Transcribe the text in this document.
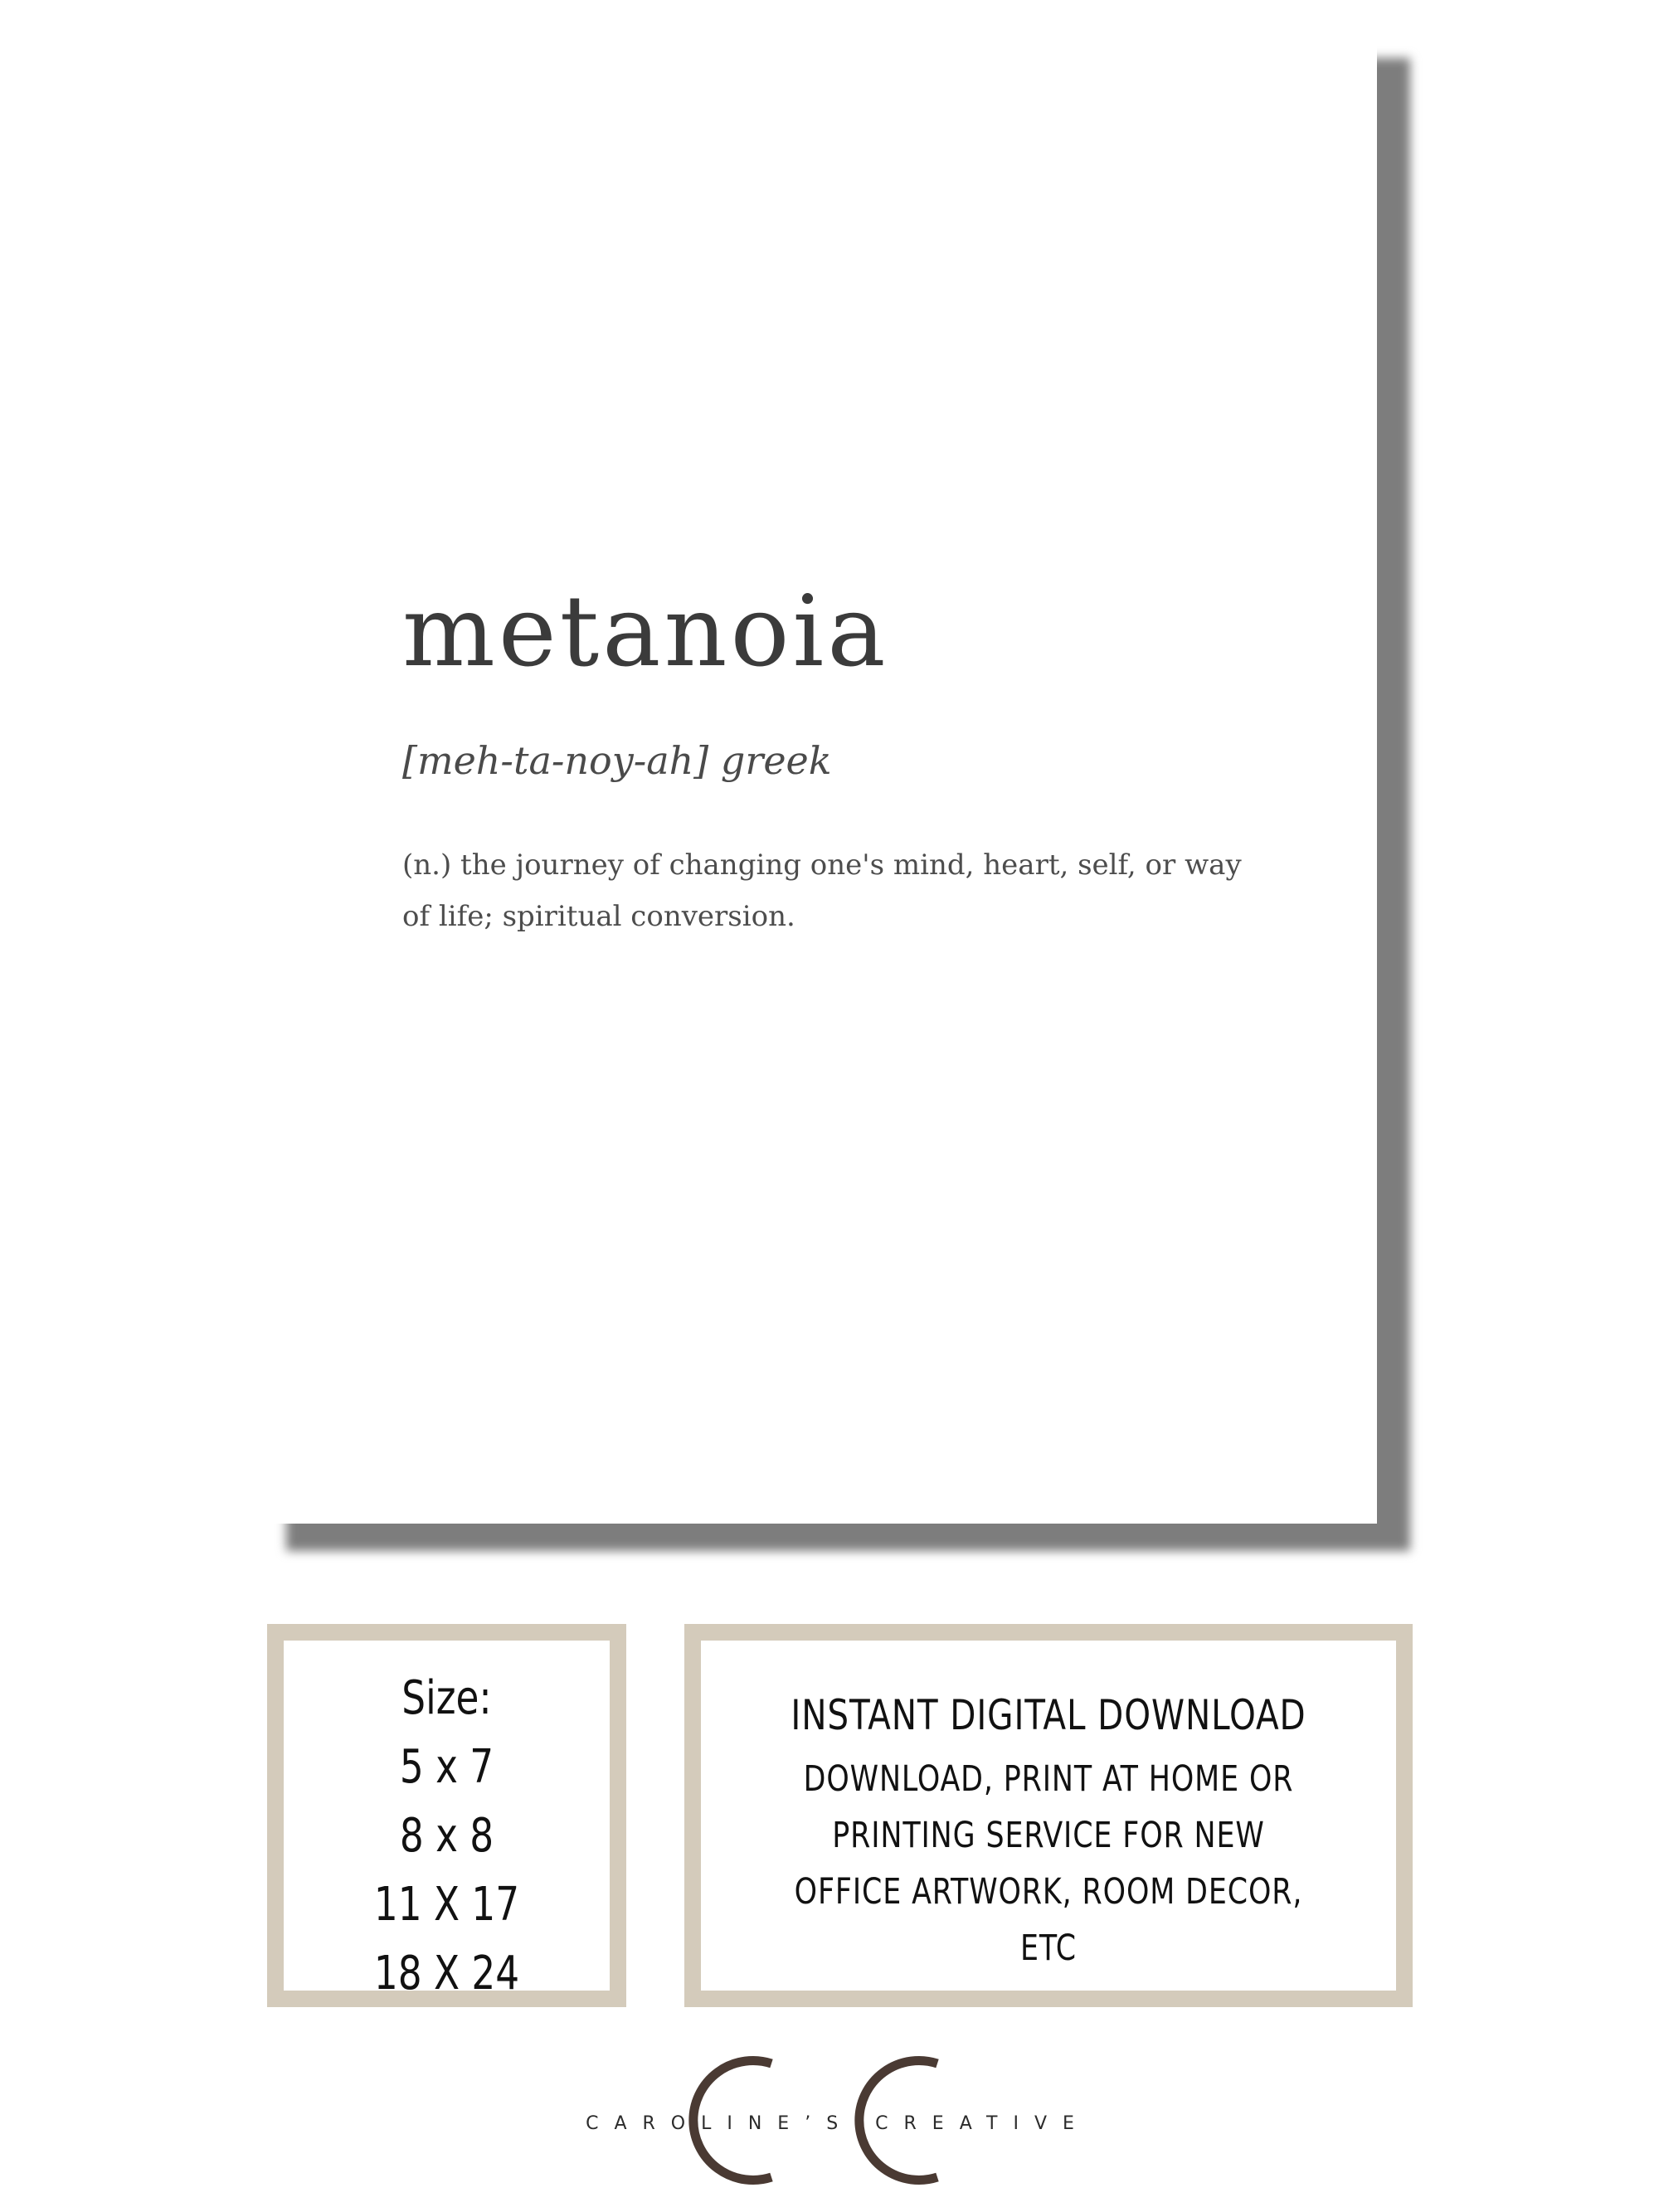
metanoia
[meh-ta-noy-ah] greek
(n.) the journey of changing one's mind, heart, self, or way of life; spiritual conversion.
Size:
5 x 7
8 x 8
11 X 17
18 X 24
INSTANT DIGITAL DOWNLOAD
DOWNLOAD, PRINT AT HOME OR PRINTING SERVICE FOR NEW OFFICE ARTWORK, ROOM DECOR, ETC
CAROLINE’S CREATIVE
